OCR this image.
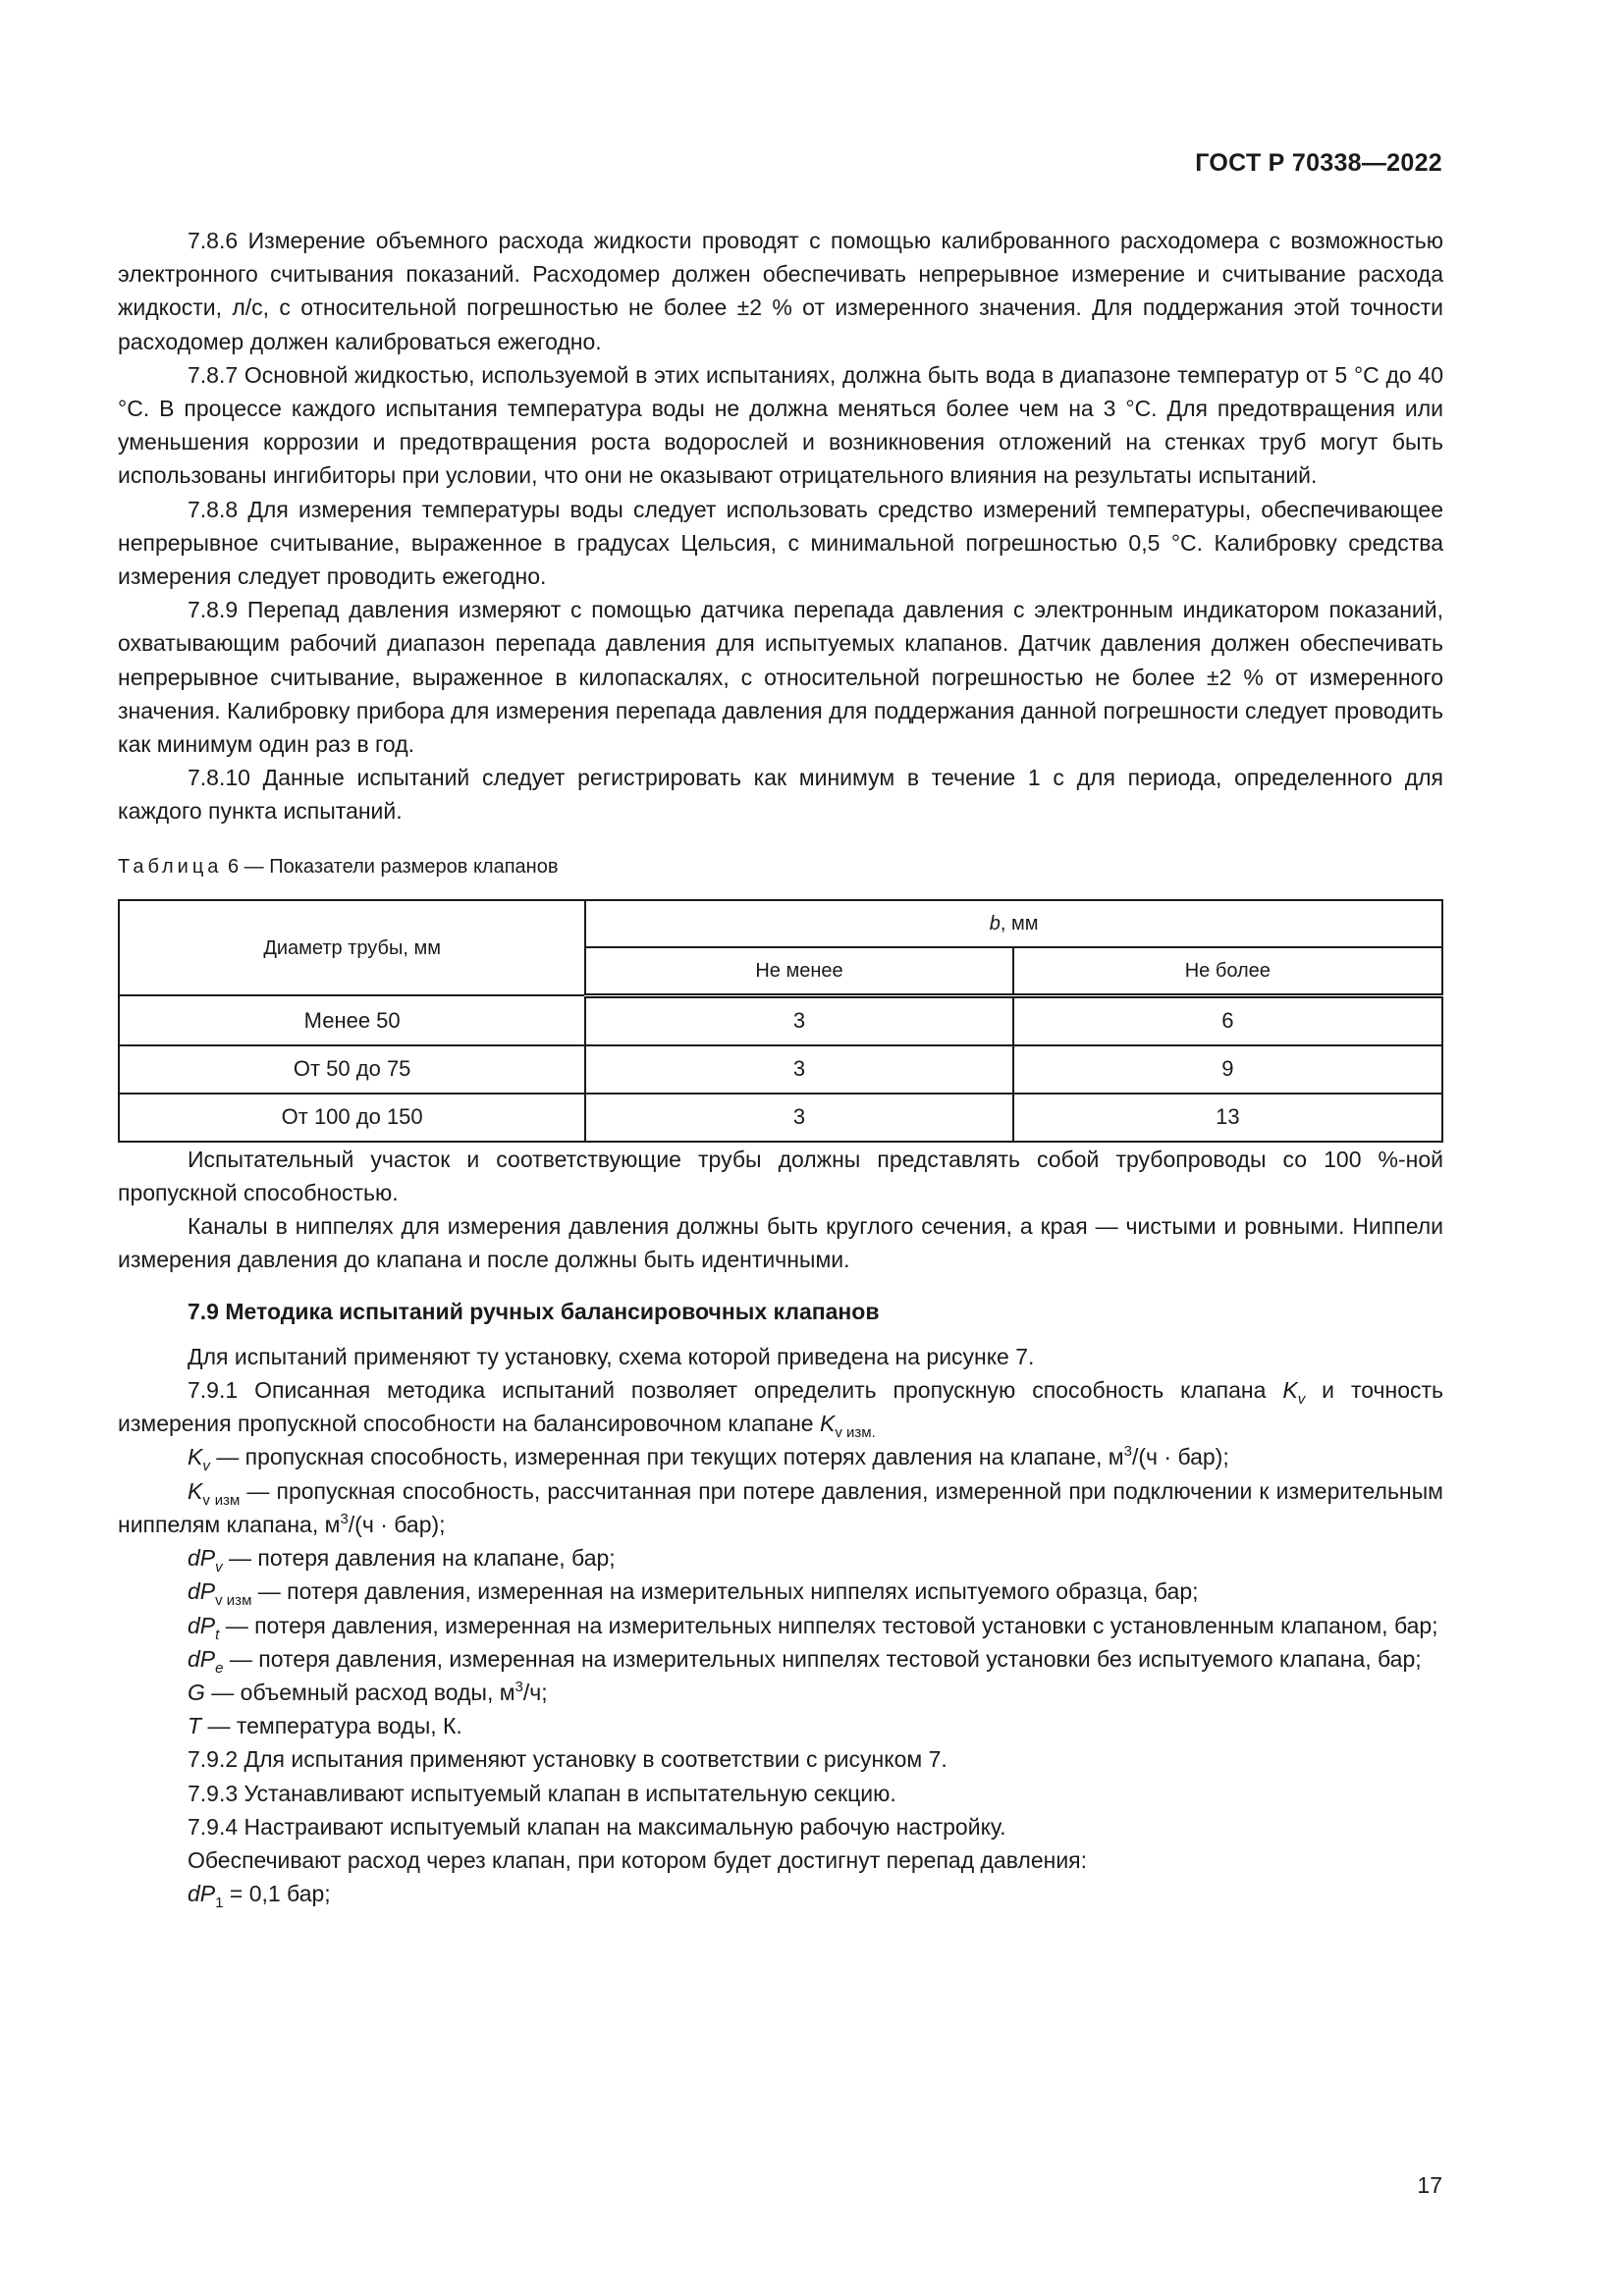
ГОСТ Р 70338—2022

7.8.6 Измерение объемного расхода жидкости проводят с помощью калиброванного расходомера с возможностью электронного считывания показаний. Расходомер должен обеспечивать непрерывное измерение и считывание расхода жидкости, л/с, с относительной погрешностью не более ±2 % от измеренного значения. Для поддержания этой точности расходомер должен калиброваться ежегодно.

7.8.7 Основной жидкостью, используемой в этих испытаниях, должна быть вода в диапазоне температур от 5 °С до 40 °С. В процессе каждого испытания температура воды не должна меняться более чем на 3 °С. Для предотвращения или уменьшения коррозии и предотвращения роста водорослей и возникновения отложений на стенках труб могут быть использованы ингибиторы при условии, что они не оказывают отрицательного влияния на результаты испытаний.

7.8.8 Для измерения температуры воды следует использовать средство измерений температуры, обеспечивающее непрерывное считывание, выраженное в градусах Цельсия, с минимальной погрешностью 0,5 °С. Калибровку средства измерения следует проводить ежегодно.

7.8.9 Перепад давления измеряют с помощью датчика перепада давления с электронным индикатором показаний, охватывающим рабочий диапазон перепада давления для испытуемых клапанов. Датчик давления должен обеспечивать непрерывное считывание, выраженное в килопаскалях, с относительной погрешностью не более ±2 % от измеренного значения. Калибровку прибора для измерения перепада давления для поддержания данной погрешности следует проводить как минимум один раз в год.

7.8.10 Данные испытаний следует регистрировать как минимум в течение 1 с для периода, определенного для каждого пункта испытаний.

Таблица 6 — Показатели размеров клапанов

Диаметр трубы, мм	b, мм	
	Не менее	Не более
Менее 50	3	6
От 50 до 75	3	9
От 100 до 150	3	13

Испытательный участок и соответствующие трубы должны представлять собой трубопроводы со 100 %-ной пропускной способностью.

Каналы в ниппелях для измерения давления должны быть круглого сечения, а края — чистыми и ровными. Ниппели измерения давления до клапана и после должны быть идентичными.

7.9 Методика испытаний ручных балансировочных клапанов

Для испытаний применяют ту установку, схема которой приведена на рисунке 7.

7.9.1 Описанная методика испытаний позволяет определить пропускную способность клапана $K_v$ и точность измерения пропускной способности на балансировочном клапане $K_{v изм.}$

$K_v$ — пропускная способность, измеренная при текущих потерях давления на клапане, $м^3/(ч \cdot бар)$;

$K_{v изм}$ — пропускная способность, рассчитанная при потере давления, измеренной при подключении к измерительным ниппелям клапана, $м^3/(ч \cdot бар)$;

$dP_v$ — потеря давления на клапане, бар;

$dP_{v изм}$ — потеря давления, измеренная на измерительных ниппелях испытуемого образца, бар;

$dP_t$ — потеря давления, измеренная на измерительных ниппелях тестовой установки с установленным клапаном, бар;

$dP_e$ — потеря давления, измеренная на измерительных ниппелях тестовой установки без испытуемого клапана, бар;

G — объемный расход воды, $м^3/ч$;

T — температура воды, К.

7.9.2 Для испытания применяют установку в соответствии с рисунком 7.

7.9.3 Устанавливают испытуемый клапан в испытательную секцию.

7.9.4 Настраивают испытуемый клапан на максимальную рабочую настройку.

Обеспечивают расход через клапан, при котором будет достигнут перепад давления:

$dP_1 = 0,1$ бар;

17
